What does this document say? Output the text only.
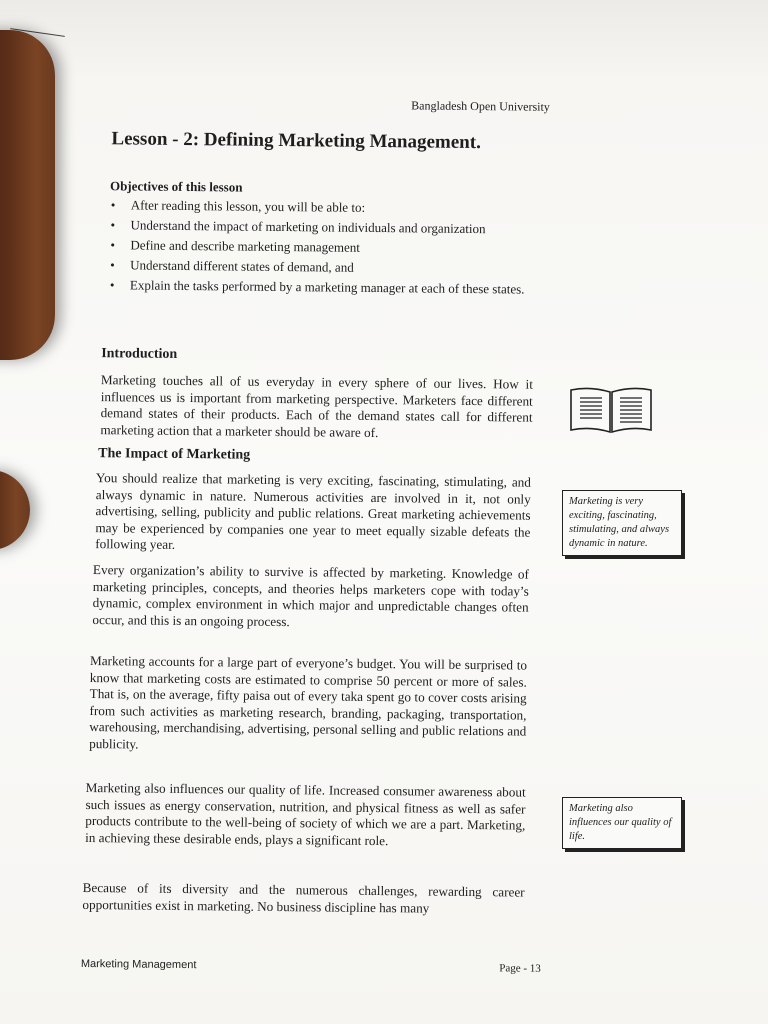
Bangladesh Open University
Lesson - 2: Defining Marketing Management.
Objectives of this lesson
• After reading this lesson, you will be able to:
• Understand the impact of marketing on individuals and organization
• Define and describe marketing management
• Understand different states of demand, and
• Explain the tasks performed by a marketing manager at each of these states.
Introduction

Marketing touches all of us everyday in every sphere of our lives. How it influences us is important from marketing perspective. Marketers face different demand states of their products. Each of the demand states call for different marketing action that a marketer should be aware of.

The Impact of Marketing

You should realize that marketing is very exciting, fascinating, stimulating, and always dynamic in nature. Numerous activities are involved in it, not only advertising, selling, publicity and public relations. Great marketing achievements may be experienced by companies one year to meet equally sizable defeats the following year.

Every organization’s ability to survive is affected by marketing. Knowledge of marketing principles, concepts, and theories helps marketers cope with today’s dynamic, complex environment in which major and unpredictable changes often occur, and this is an ongoing process.

Marketing accounts for a large part of everyone’s budget. You will be surprised to know that marketing costs are estimated to comprise 50 percent or more of sales. That is, on the average, fifty paisa out of every taka spent go to cover costs arising from such activities as marketing research, branding, packaging, transportation, warehousing, merchandising, advertising, personal selling and public relations and publicity.

Marketing also influences our quality of life. Increased consumer awareness about such issues as energy conservation, nutrition, and physical fitness as well as safer products contribute to the well-being of society of which we are a part. Marketing, in achieving these desirable ends, plays a significant role.

Because of its diversity and the numerous challenges, rewarding career opportunities exist in marketing. No business discipline has many

Marketing Management	Page - 13
Marketing is very exciting, fascinating, stimulating, and always dynamic in nature.
Marketing also influences our quality of life.
